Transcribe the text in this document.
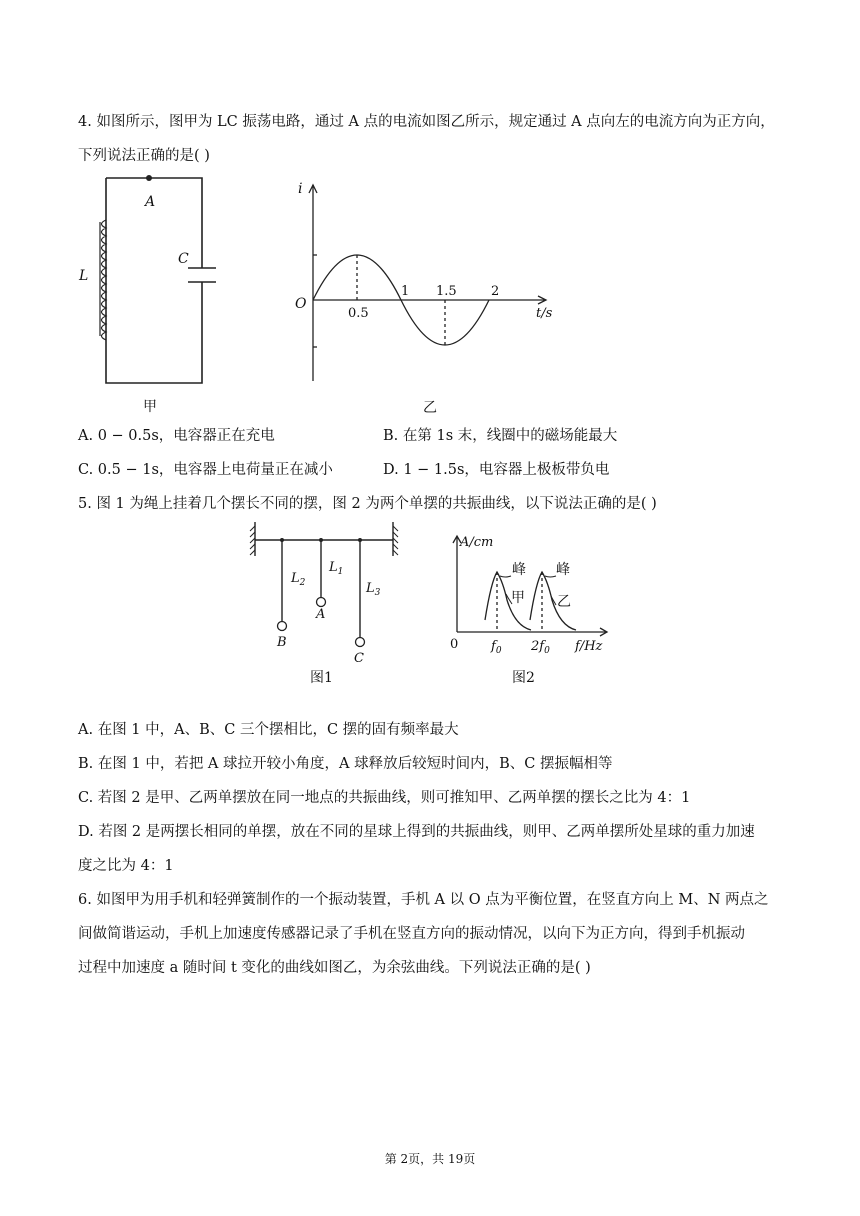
4. 如图所示，图甲为 LC 振荡电路，通过 A 点的电流如图乙所示，规定通过 A 点向左的电流方向为正方向，
下列说法正确的是( )
A
L
C
甲
i
O
0.5
1 1.5	2
t/s
乙
A. 0 − 0.5s，电容器正在充电	B. 在第 1s 末，线圈中的磁场能最大
C. 0.5 − 1s，电容器上电荷量正在减小	D. 1 − 1.5s，电容器上极板带负电
5. 图 1 为绳上挂着几个摆长不同的摆，图 2 为两个单摆的共振曲线，以下说法正确的是( )
$L_2$
$L_1$
$L_3$
A
B
C
图1
A/cm
峰 峰
甲 乙
0	$f_0$ $2f_0$ f/Hz
图2
A. 在图 1 中，A、B、C 三个摆相比，C 摆的固有频率最大
B. 在图 1 中，若把 A 球拉开较小角度，A 球释放后较短时间内，B、C 摆振幅相等
C. 若图 2 是甲、乙两单摆放在同一地点的共振曲线，则可推知甲、乙两单摆的摆长之比为 4：1
D. 若图 2 是两摆长相同的单摆，放在不同的星球上得到的共振曲线，则甲、乙两单摆所处星球的重力加速
度之比为 4：1
6. 如图甲为用手机和轻弹簧制作的一个振动装置，手机 A 以 O 点为平衡位置，在竖直方向上 M、N 两点之
间做简谐运动，手机上加速度传感器记录了手机在竖直方向的振动情况，以向下为正方向，得到手机振动
过程中加速度 a 随时间 t 变化的曲线如图乙，为余弦曲线。下列说法正确的是( )
第 2页，共 19页
